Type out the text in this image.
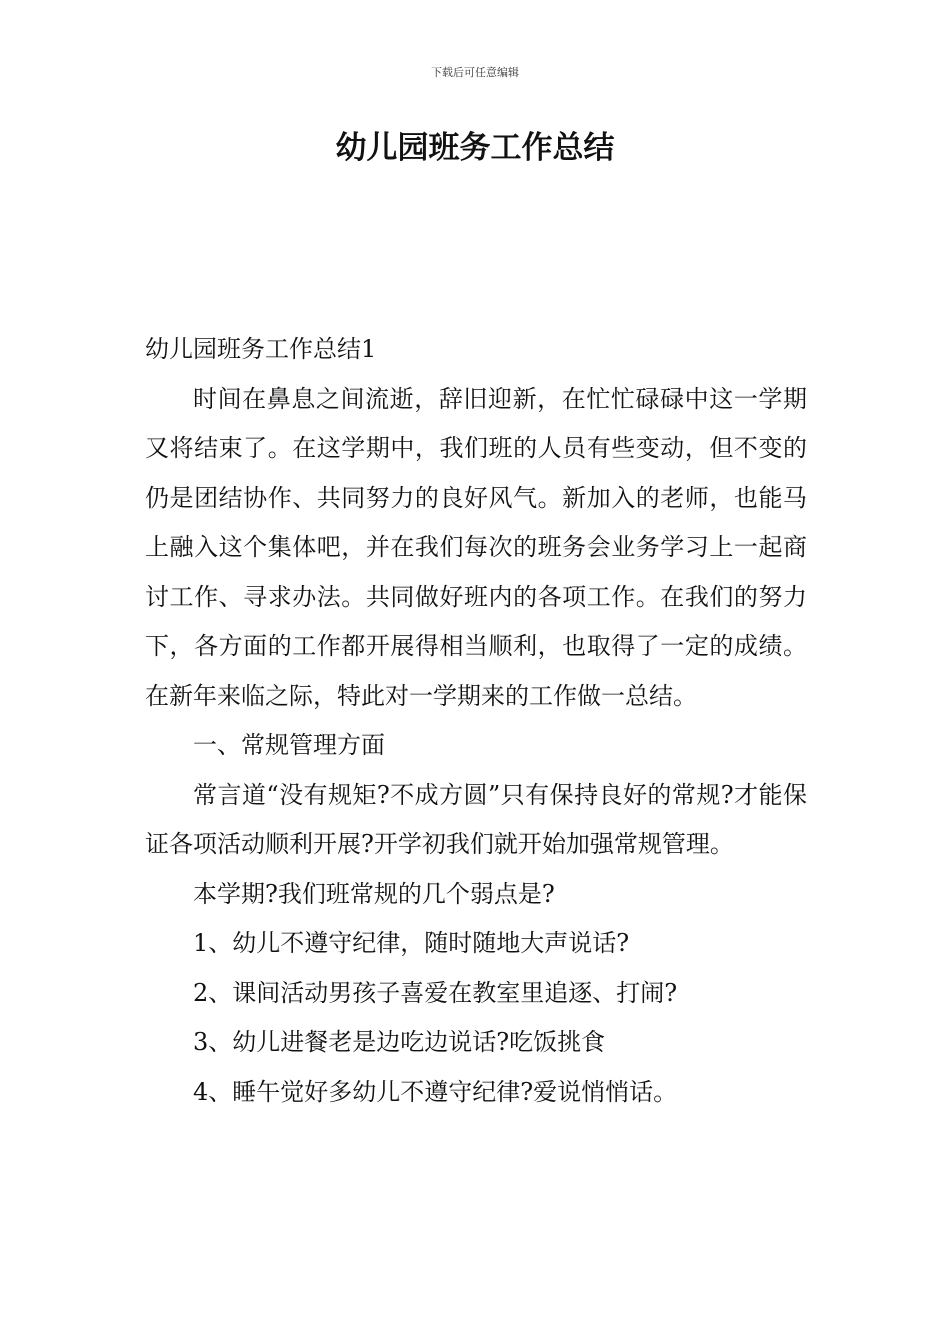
下载后可任意编辑
幼儿园班务工作总结

幼儿园班务工作总结1

时间在鼻息之间流逝，辞旧迎新，在忙忙碌碌中这一学期又将结束了。在这学期中，我们班的人员有些变动，但不变的仍是团结协作、共同努力的良好风气。新加入的老师，也能马上融入这个集体吧，并在我们每次的班务会业务学习上一起商讨工作、寻求办法。共同做好班内的各项工作。在我们的努力下，各方面的工作都开展得相当顺利，也取得了一定的成绩。在新年来临之际，特此对一学期来的工作做一总结。

一、常规管理方面

常言道“没有规矩?不成方圆”只有保持良好的常规?才能保证各项活动顺利开展?开学初我们就开始加强常规管理。

本学期?我们班常规的几个弱点是?

1、幼儿不遵守纪律，随时随地大声说话?

2、课间活动男孩子喜爱在教室里追逐、打闹?

3、幼儿进餐老是边吃边说话?吃饭挑食

4、睡午觉好多幼儿不遵守纪律?爱说悄悄话。
